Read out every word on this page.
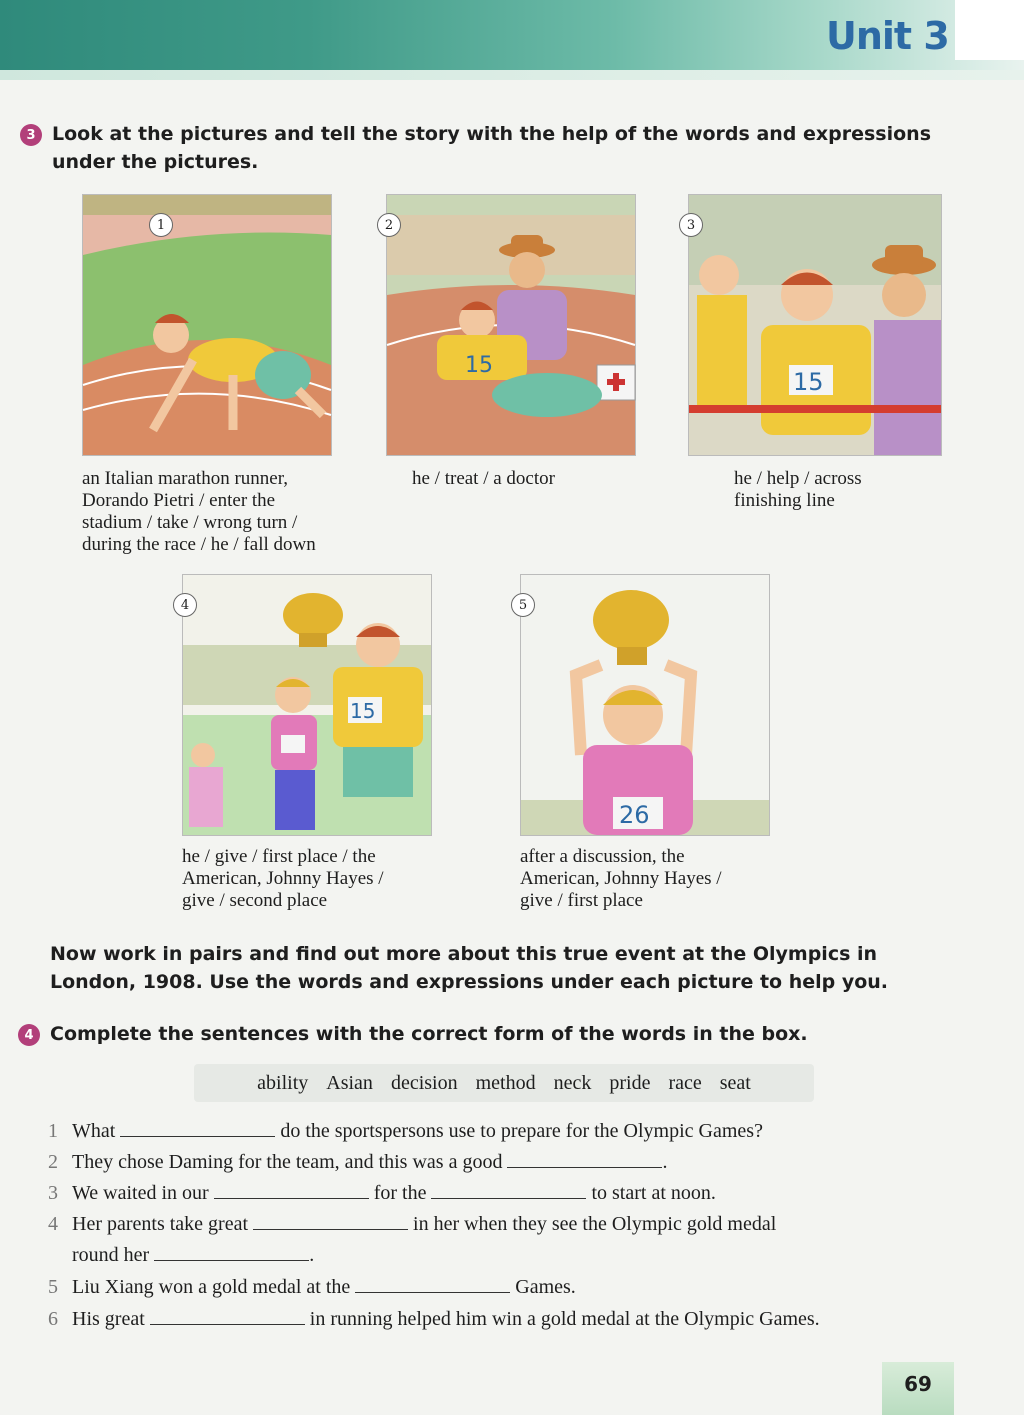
Unit 3
3 Look at the pictures and tell the story with the help of the words and expressions
under the pictures.
1
an Italian marathon runner,
Dorando Pietri / enter the
stadium / take / wrong turn /
during the race / he / fall down
15
2
he / treat / a doctor
15
3
he / help / across
finishing line
15
4
he / give / first place / the
American, Johnny Hayes /
give / second place
26
5
after a discussion, the
American, Johnny Hayes /
give / first place
Now work in pairs and find out more about this true event at the Olympics in
London, 1908. Use the words and expressions under each picture to help you.
4 Complete the sentences with the correct form of the words in the box.
ability Asian decision method neck pride race seat
1 What	do the sportspersons use to prepare for the Olympic Games?
2 They chose Daming for the team, and this was a good	.
3 We waited in our	for the	to start at noon.
4 Her parents take great	in her when they see the Olympic gold medal
round her	.
5 Liu Xiang won a gold medal at the	Games.
6 His great	in running helped him win a gold medal at the Olympic Games.
69
